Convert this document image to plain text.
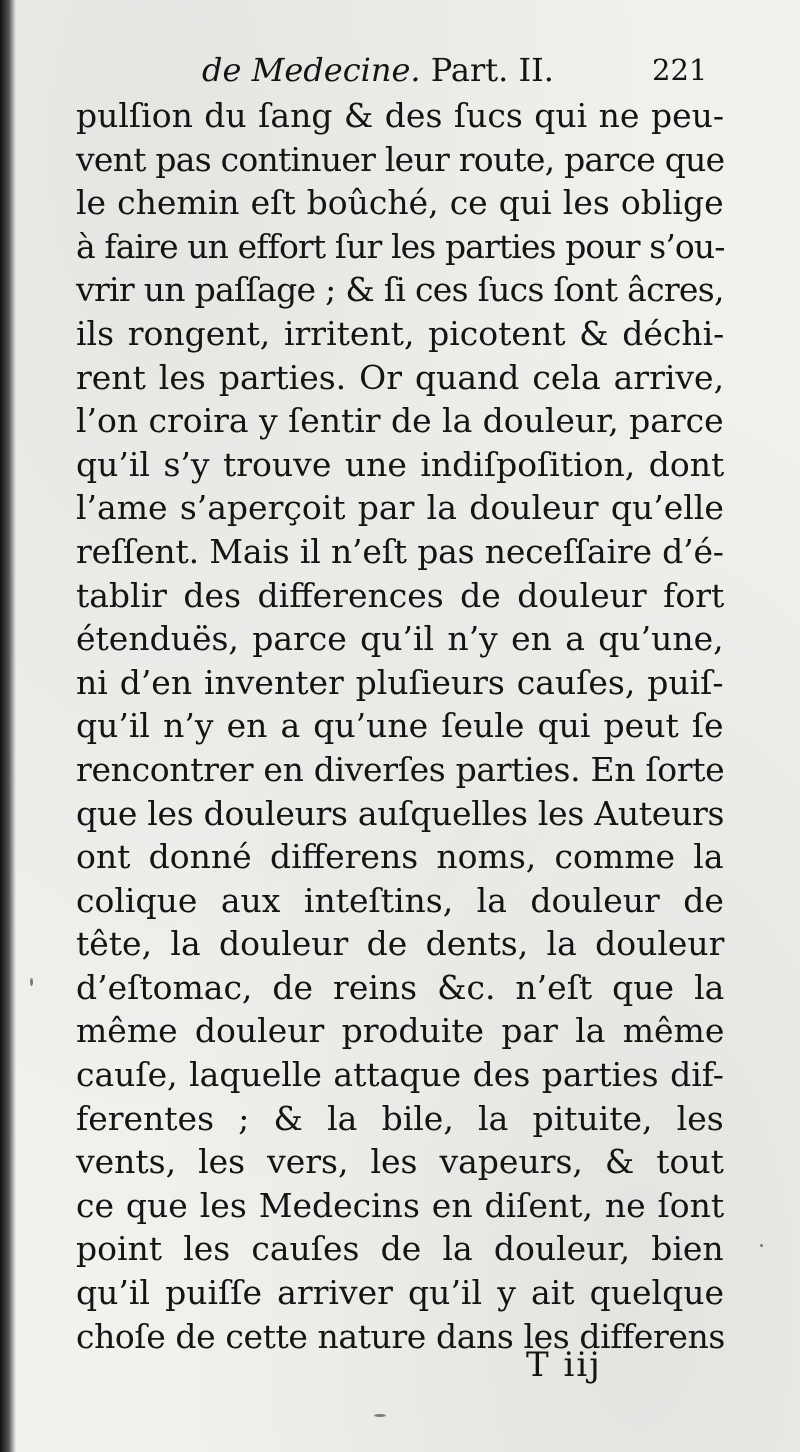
de Medecine. Part. II.	221
pulſion du ſang & des ſucs qui ne peu-
vent pas continuer leur route, parce que
le chemin eſt boûché, ce qui les oblige
à faire un effort ſur les parties pour s’ou-
vrir un paſſage ; & ſi ces ſucs ſont âcres,
ils rongent, irritent, picotent & déchi-
rent les parties. Or quand cela arrive,
l’on croira y ſentir de la douleur, parce
qu’il s’y trouve une indiſpoſition, dont
l’ame s’aperçoit par la douleur qu’elle
reſſent. Mais il n’eſt pas neceſſaire d’é-
tablir des differences de douleur fort
étenduës, parce qu’il n’y en a qu’une,
ni d’en inventer pluſieurs cauſes, puiſ-
qu’il n’y en a qu’une ſeule qui peut ſe
rencontrer en diverſes parties. En ſorte
que les douleurs auſquelles les Auteurs
ont donné differens noms, comme la
colique aux inteſtins, la douleur de
tête, la douleur de dents, la douleur
d’eſtomac, de reins &c. n’eſt que la
même douleur produite par la même
cauſe, laquelle attaque des parties dif-
ferentes ; & la bile, la pituite, les
vents, les vers, les vapeurs, & tout
ce que les Medecins en diſent, ne ſont
point les cauſes de la douleur, bien
qu’il puiſſe arriver qu’il y ait quelque
choſe de cette nature dans les differens
T iij
